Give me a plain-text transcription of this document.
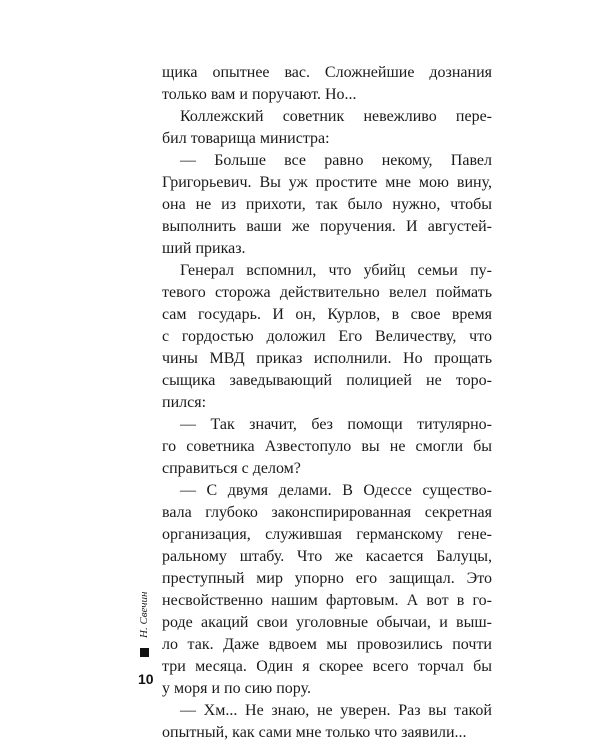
щика опытнее вас. Сложнейшие дознания
только вам и поручают. Но...
Коллежский советник невежливо пере-
бил товарища министра:
— Больше все равно некому, Павел
Григорьевич. Вы уж простите мне мою вину,
она не из прихоти, так было нужно, чтобы
выполнить ваши же поручения. И августей-
ший приказ.
Генерал вспомнил, что убийц семьи пу-
тевого сторожа действительно велел поймать
сам государь. И он, Курлов, в свое время
с гордостью доложил Его Величеству, что
чины МВД приказ исполнили. Но прощать
сыщика заведывающий полицией не торо-
пился:
— Так значит, без помощи титулярно-
го советника Азвестопуло вы не смогли бы
справиться с делом?
— С двумя делами. В Одессе существо-
вала глубоко законспирированная секретная
организация, служившая германскому гене-
ральному штабу. Что же касается Балуцы,
преступный мир упорно его защищал. Это
несвойственно нашим фартовым. А вот в го-
роде акаций свои уголовные обычаи, и выш-
ло так. Даже вдвоем мы провозились почти
три месяца. Один я скорее всего торчал бы
у моря и по сию пору.
— Хм... Не знаю, не уверен. Раз вы такой
опытный, как сами мне только что заявили...
Н. Свечин
10
